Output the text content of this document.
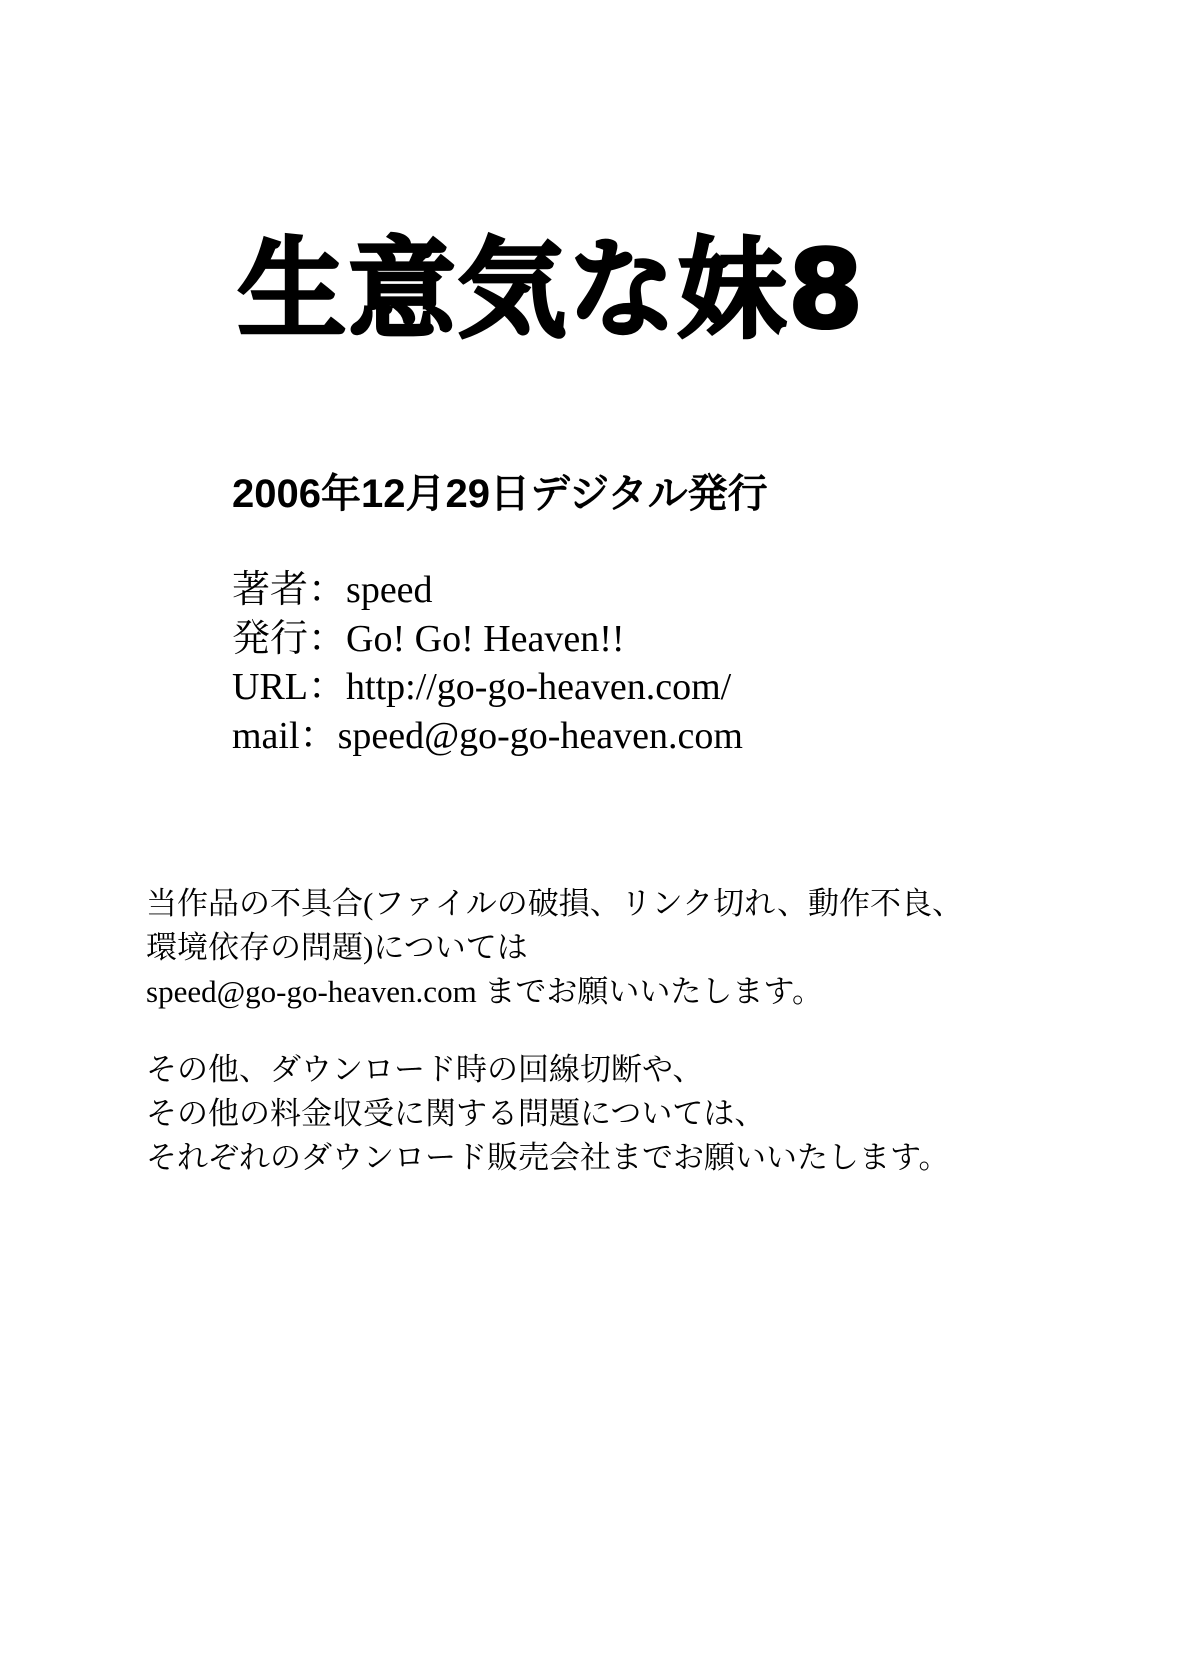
生意気な妹8
2006年12月29日デジタル発行
著者：speed
発行：Go! Go! Heaven!!
URL：http://go-go-heaven.com/
mail：speed@go-go-heaven.com
当作品の不具合(ファイルの破損、リンク切れ、動作不良、
環境依存の問題)については
speed@go-go-heaven.com までお願いいたします。
その他、ダウンロード時の回線切断や、
その他の料金収受に関する問題については、
それぞれのダウンロード販売会社までお願いいたします。
